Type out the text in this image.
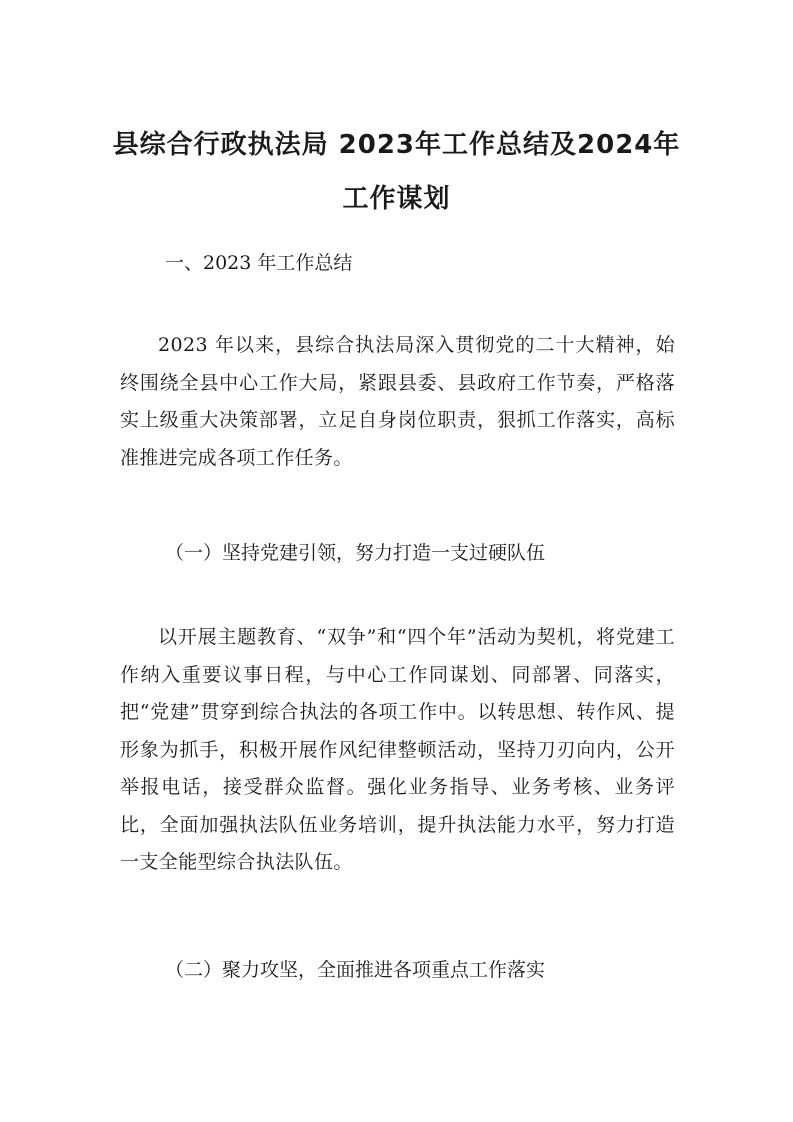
县综合行政执法局 2023年工作总结及2024年工作谋划

一、2023 年工作总结

2023 年以来，县综合执法局深入贯彻党的二十大精神，始终围绕全县中心工作大局，紧跟县委、县政府工作节奏，严格落实上级重大决策部署，立足自身岗位职责，狠抓工作落实，高标准推进完成各项工作任务。

（一）坚持党建引领，努力打造一支过硬队伍

以开展主题教育、“双争”和“四个年”活动为契机，将党建工作纳入重要议事日程，与中心工作同谋划、同部署、同落实，把“党建”贯穿到综合执法的各项工作中。以转思想、转作风、提形象为抓手，积极开展作风纪律整顿活动，坚持刀刃向内，公开举报电话，接受群众监督。强化业务指导、业务考核、业务评比，全面加强执法队伍业务培训，提升执法能力水平，努力打造一支全能型综合执法队伍。

（二）聚力攻坚，全面推进各项重点工作落实
